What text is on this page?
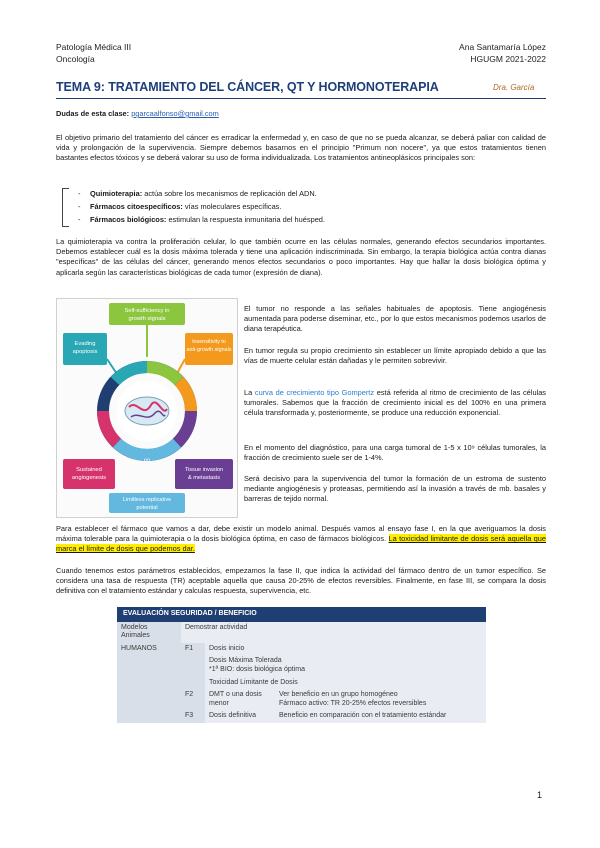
Patología Médica III
Oncología
Ana Santamaría López
HGUGM 2021-2022
TEMA 9: TRATAMIENTO DEL CÁNCER, QT Y HORMONOTERAPIA	Dra. García
Dudas de esta clase: pgarcaalfonso@gmail.com
El objetivo primario del tratamiento del cáncer es erradicar la enfermedad y, en caso de que no se pueda alcanzar, se deberá paliar con calidad de vida y prolongación de la supervivencia. Siempre debemos basarnos en el principio "Primum non nocere", ya que estos tratamientos tienen bastantes efectos tóxicos y se deberá valorar su uso de forma individualizada. Los tratamientos antineoplásicos principales son:
- Quimioterapia: actúa sobre los mecanismos de replicación del ADN.
- Fármacos citoespecíficos: vías moleculares específicas.
- Fármacos biológicos: estimulan la respuesta inmunitaria del huésped.
La quimioterapia va contra la proliferación celular, lo que también ocurre en las células normales, generando efectos secundarios importantes. Debemos establecer cuál es la dosis máxima tolerada y tiene una aplicación indiscriminada. Sin embargo, la terapia biológica actúa contra dianas "específicas" de las células del cáncer, generando menos efectos secundarios o poco importantes. Hay que hallar la dosis biológica óptima y aplicarla según las características biológicas de cada tumor (expresión de diana).
Self-sufficiency in
growth signals
Evading
apoptosis
Insensitivity to
anti-growth signals
∞
Sustained
angiogenesis
Tissue invasion
& metastasis
Limitless replicative
potential
El tumor no responde a las señales habituales de apoptosis. Tiene angiogénesis aumentada para poderse diseminar, etc., por lo que estos mecanismos podemos usarlos de diana terapéutica.
En tumor regula su propio crecimiento sin establecer un límite apropiado debido a que las vías de muerte celular están dañadas y le permiten sobrevivir.
La curva de crecimiento tipo Gompertz está referida al ritmo de crecimiento de las células tumorales. Sabemos que la fracción de crecimiento inicial es del 100% en una primera célula transformada y, posteriormente, se produce una reducción exponencial.
En el momento del diagnóstico, para una carga tumoral de 1-5 x 10⁹ células tumorales, la fracción de crecimiento suele ser de 1-4%.
Será decisivo para la supervivencia del tumor la formación de un estroma de sustento mediante angiogénesis y proteasas, permitiendo así la invasión a través de mb. basales y barreras de tejido normal.
Para establecer el fármaco que vamos a dar, debe existir un modelo animal. Después vamos al ensayo fase I, en la que averiguamos la dosis máxima tolerable para la quimioterapia o la dosis biológica óptima, en caso de fármacos biológicos. La toxicidad limitante de dosis será aquella que marca el límite de dosis que podemos dar.
Cuando tenemos estos parámetros establecidos, empezamos la fase II, que indica la actividad del fármaco dentro de un tumor específico. Se considera una tasa de respuesta (TR) aceptable aquella que causa 20-25% de efectos reversibles. Finalmente, en fase III, se compara la dosis definitiva con el tratamiento estándar y calculas respuesta, supervivencia, etc.
EVALUACIÓN SEGURIDAD / BENEFICIO			
Modelos Animales	Demostrar actividad		
HUMANOS	F1	Dosis inicio	

		Dosis Máxima Tolerada
*1ª BIO: dosis biológica óptima
Toxicidad Limitante de Dosis	

	F2	DMT o una dosis menor	Ver beneficio en un grupo homogéneo
Fármaco activo: TR 20-25% efectos reversibles

	F3	Dosis definitiva	Beneficio en comparación con el tratamiento estándar
1
